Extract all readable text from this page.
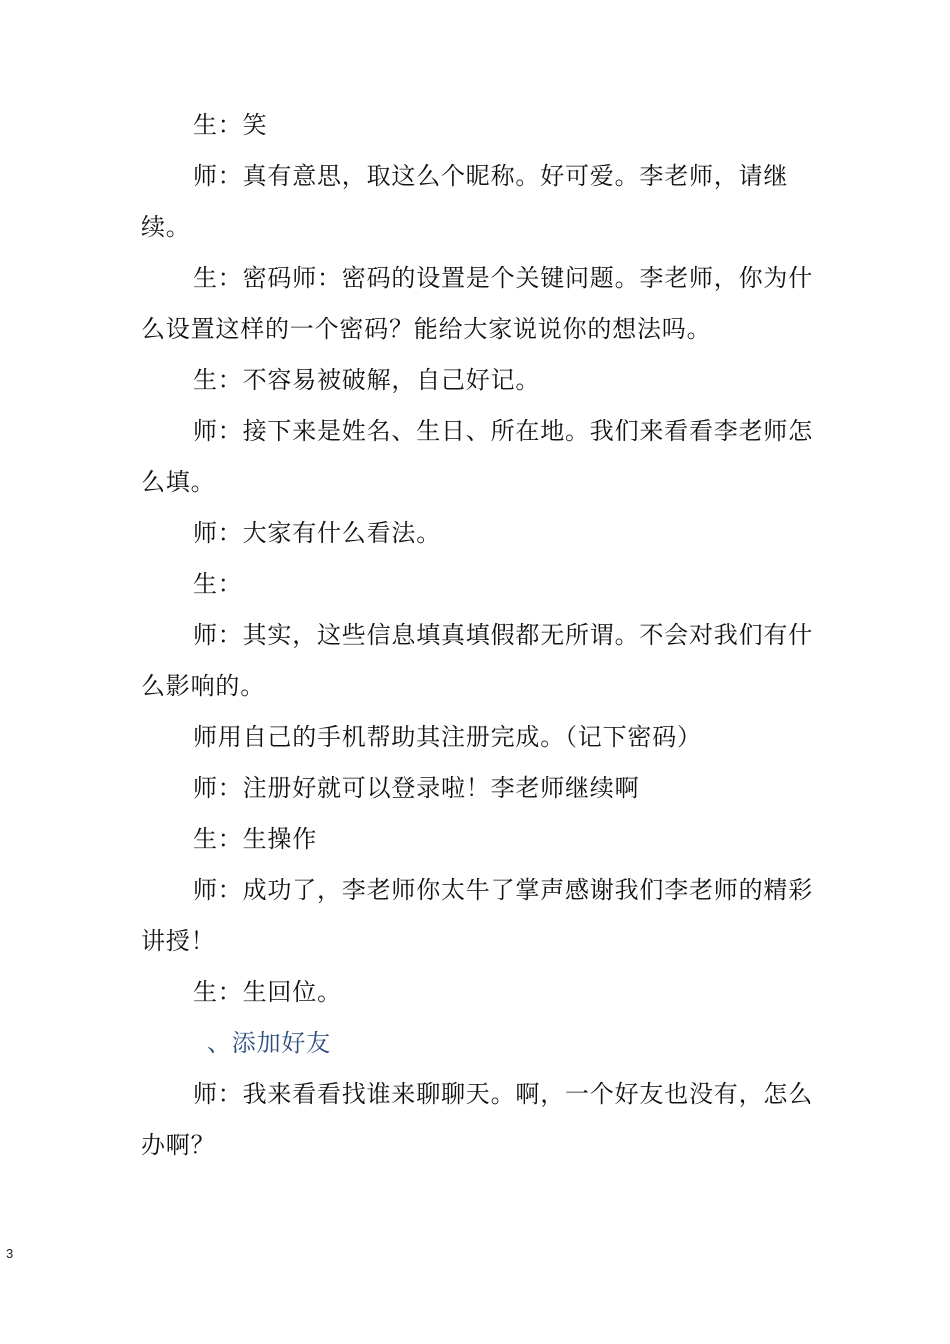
生：笑

师：真有意思，取这么个昵称。好可爱。李老师，请继续。

生：密码师：密码的设置是个关键问题。李老师，你为什么设置这样的一个密码？能给大家说说你的想法吗。

生：不容易被破解，自己好记。

师：接下来是姓名、生日、所在地。我们来看看李老师怎么填。

师：大家有什么看法。

生：

师：其实，这些信息填真填假都无所谓。不会对我们有什么影响的。

师用自己的手机帮助其注册完成。（记下密码）

师：注册好就可以登录啦！李老师继续啊

生：生操作

师：成功了，李老师你太牛了掌声感谢我们李老师的精彩讲授！

生：生回位。

、添加好友

师：我来看看找谁来聊聊天。啊，一个好友也没有，怎么办啊？

3
